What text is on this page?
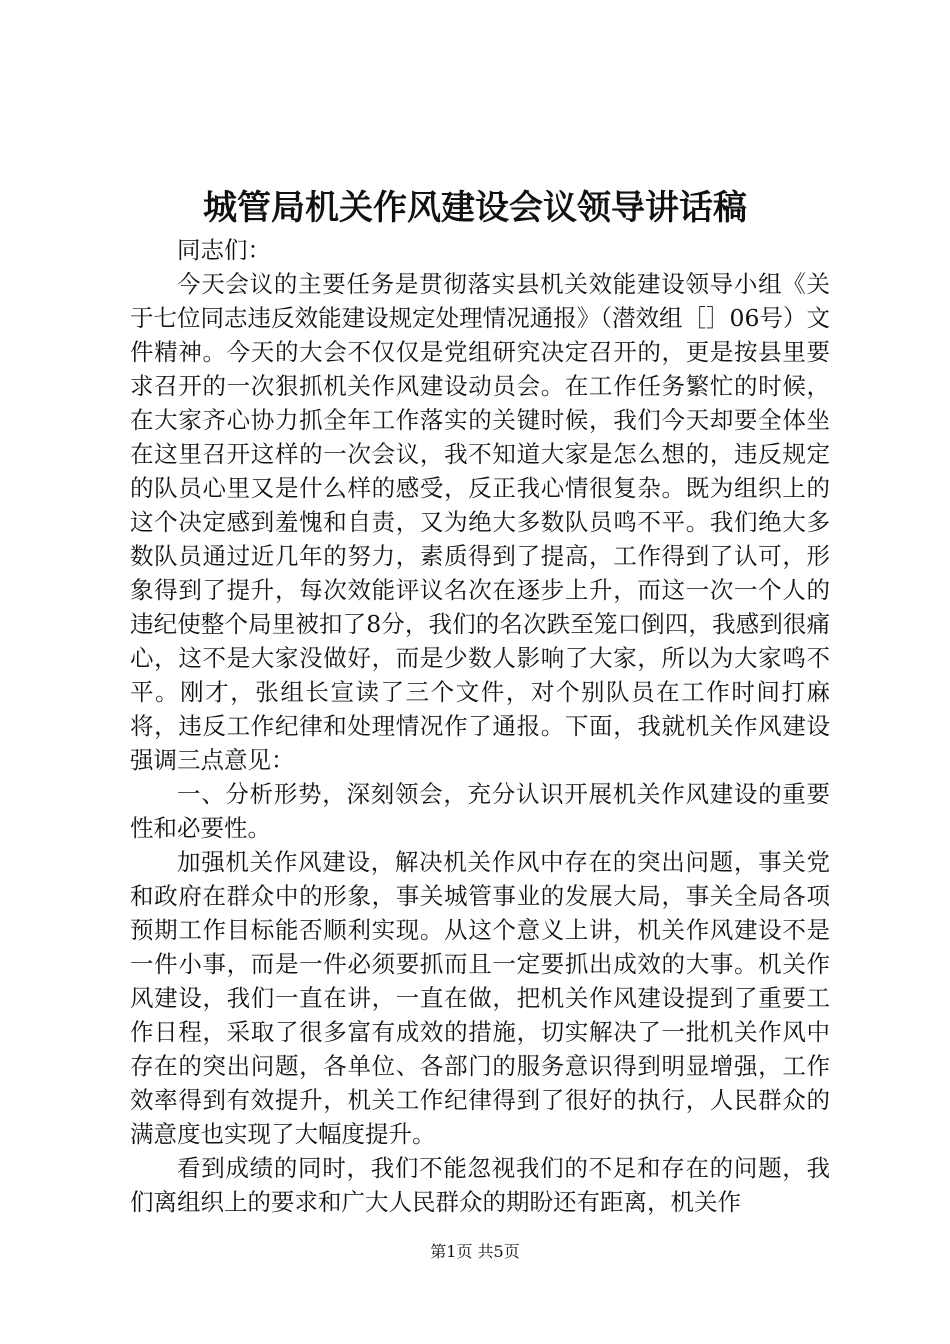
城管局机关作风建设会议领导讲话稿

同志们：

今天会议的主要任务是贯彻落实县机关效能建设领导小组《关于七位同志违反效能建设规定处理情况通报》（潜效组［］06号）文件精神。今天的大会不仅仅是党组研究决定召开的，更是按县里要求召开的一次狠抓机关作风建设动员会。在工作任务繁忙的时候，在大家齐心协力抓全年工作落实的关键时候，我们今天却要全体坐在这里召开这样的一次会议，我不知道大家是怎么想的，违反规定的队员心里又是什么样的感受，反正我心情很复杂。既为组织上的这个决定感到羞愧和自责，又为绝大多数队员鸣不平。我们绝大多数队员通过近几年的努力，素质得到了提高，工作得到了认可，形象得到了提升，每次效能评议名次在逐步上升，而这一次一个人的违纪使整个局里被扣了8分，我们的名次跌至笼口倒四，我感到很痛心，这不是大家没做好，而是少数人影响了大家，所以为大家鸣不平。刚才，张组长宣读了三个文件，对个别队员在工作时间打麻将，违反工作纪律和处理情况作了通报。下面，我就机关作风建设强调三点意见：

一、分析形势，深刻领会，充分认识开展机关作风建设的重要性和必要性。

加强机关作风建设，解决机关作风中存在的突出问题，事关党和政府在群众中的形象，事关城管事业的发展大局，事关全局各项预期工作目标能否顺利实现。从这个意义上讲，机关作风建设不是一件小事，而是一件必须要抓而且一定要抓出成效的大事。机关作风建设，我们一直在讲，一直在做，把机关作风建设提到了重要工作日程，采取了很多富有成效的措施，切实解决了一批机关作风中存在的突出问题，各单位、各部门的服务意识得到明显增强，工作效率得到有效提升，机关工作纪律得到了很好的执行，人民群众的满意度也实现了大幅度提升。

看到成绩的同时，我们不能忽视我们的不足和存在的问题，我们离组织上的要求和广大人民群众的期盼还有距离，机关作

第1页 共5页
